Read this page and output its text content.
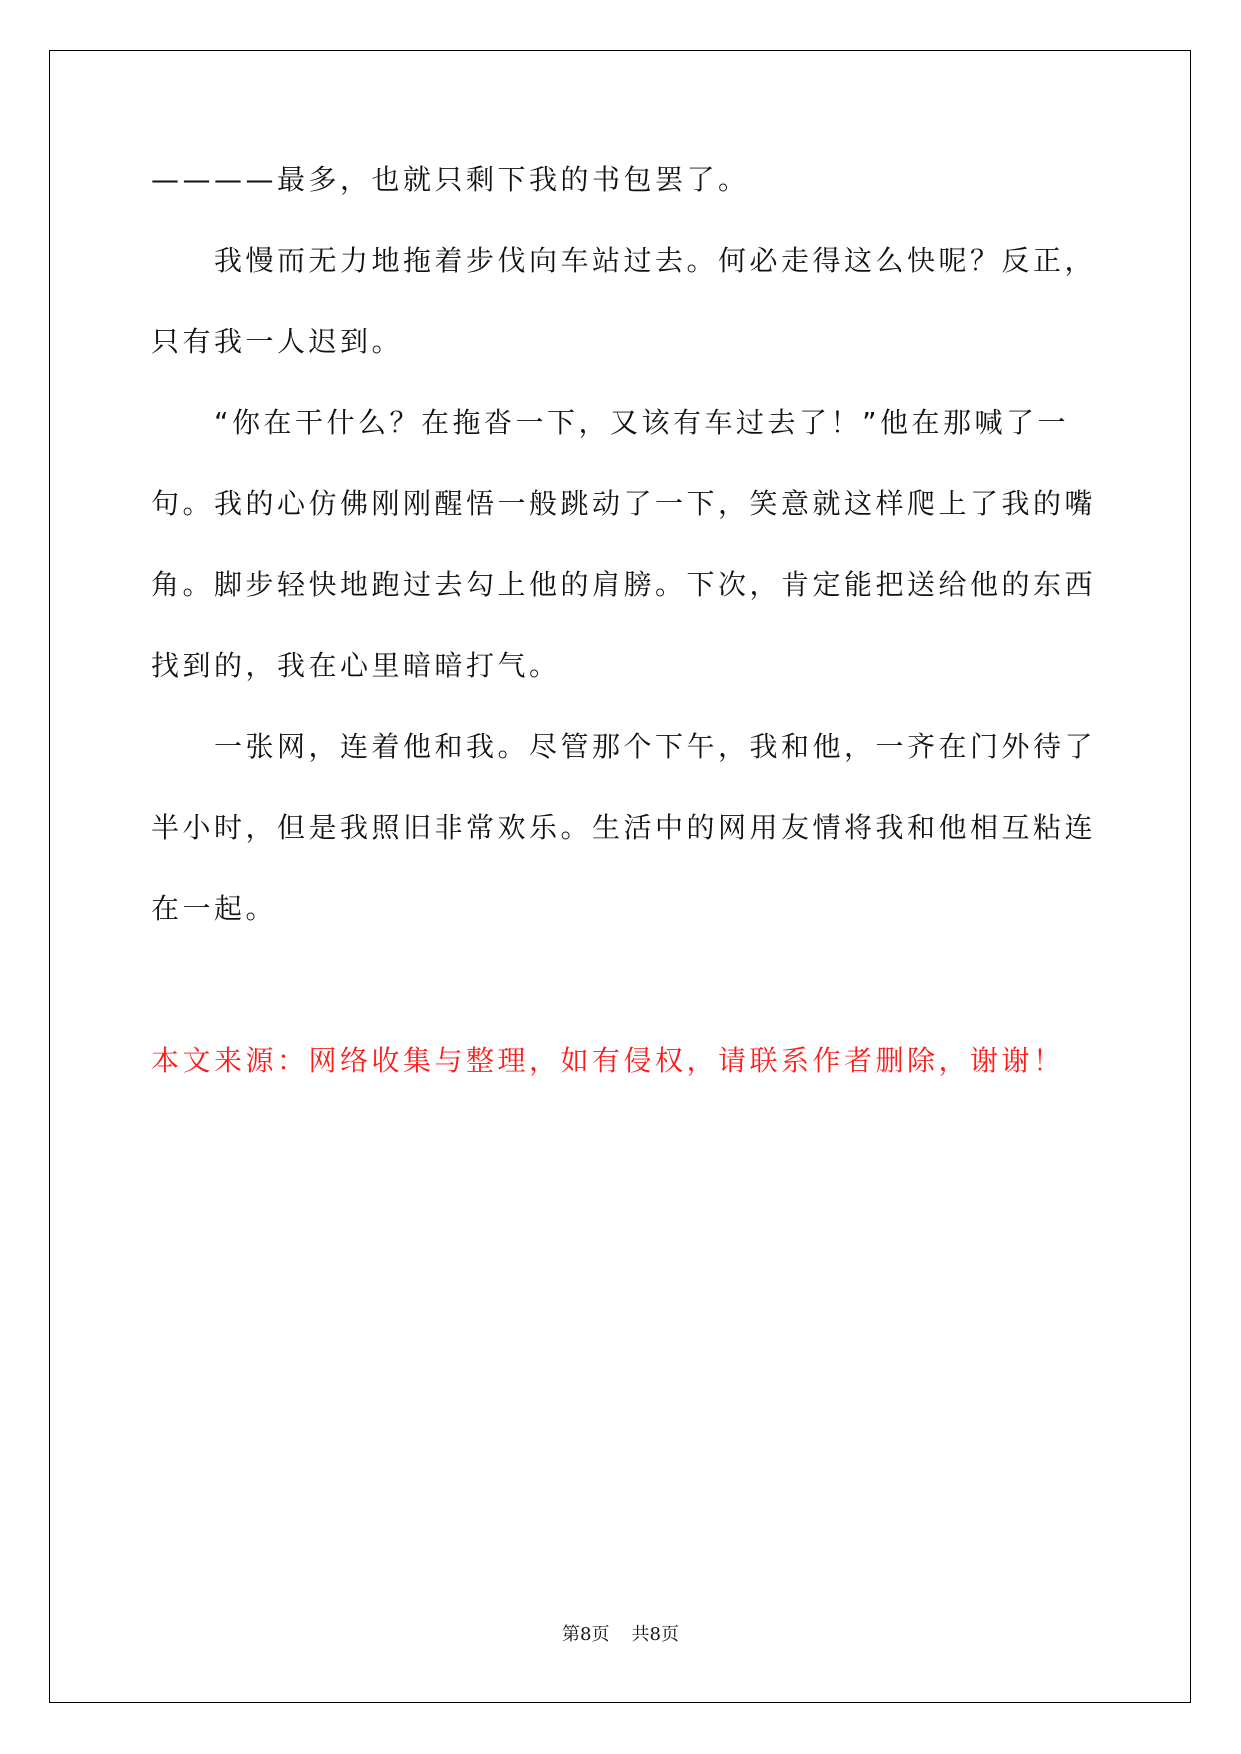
————最多，也就只剩下我的书包罢了。
　　我慢而无力地拖着步伐向车站过去。何必走得这么快呢？反正，
只有我一人迟到。
　　“你在干什么？在拖沓一下，又该有车过去了！”他在那喊了一
句。我的心仿佛刚刚醒悟一般跳动了一下，笑意就这样爬上了我的嘴
角。脚步轻快地跑过去勾上他的肩膀。下次，肯定能把送给他的东西
找到的，我在心里暗暗打气。
　　一张网，连着他和我。尽管那个下午，我和他，一齐在门外待了
半小时，但是我照旧非常欢乐。生活中的网用友情将我和他相互粘连
在一起。
本文来源：网络收集与整理，如有侵权，请联系作者删除，谢谢！
第8页 共8页
